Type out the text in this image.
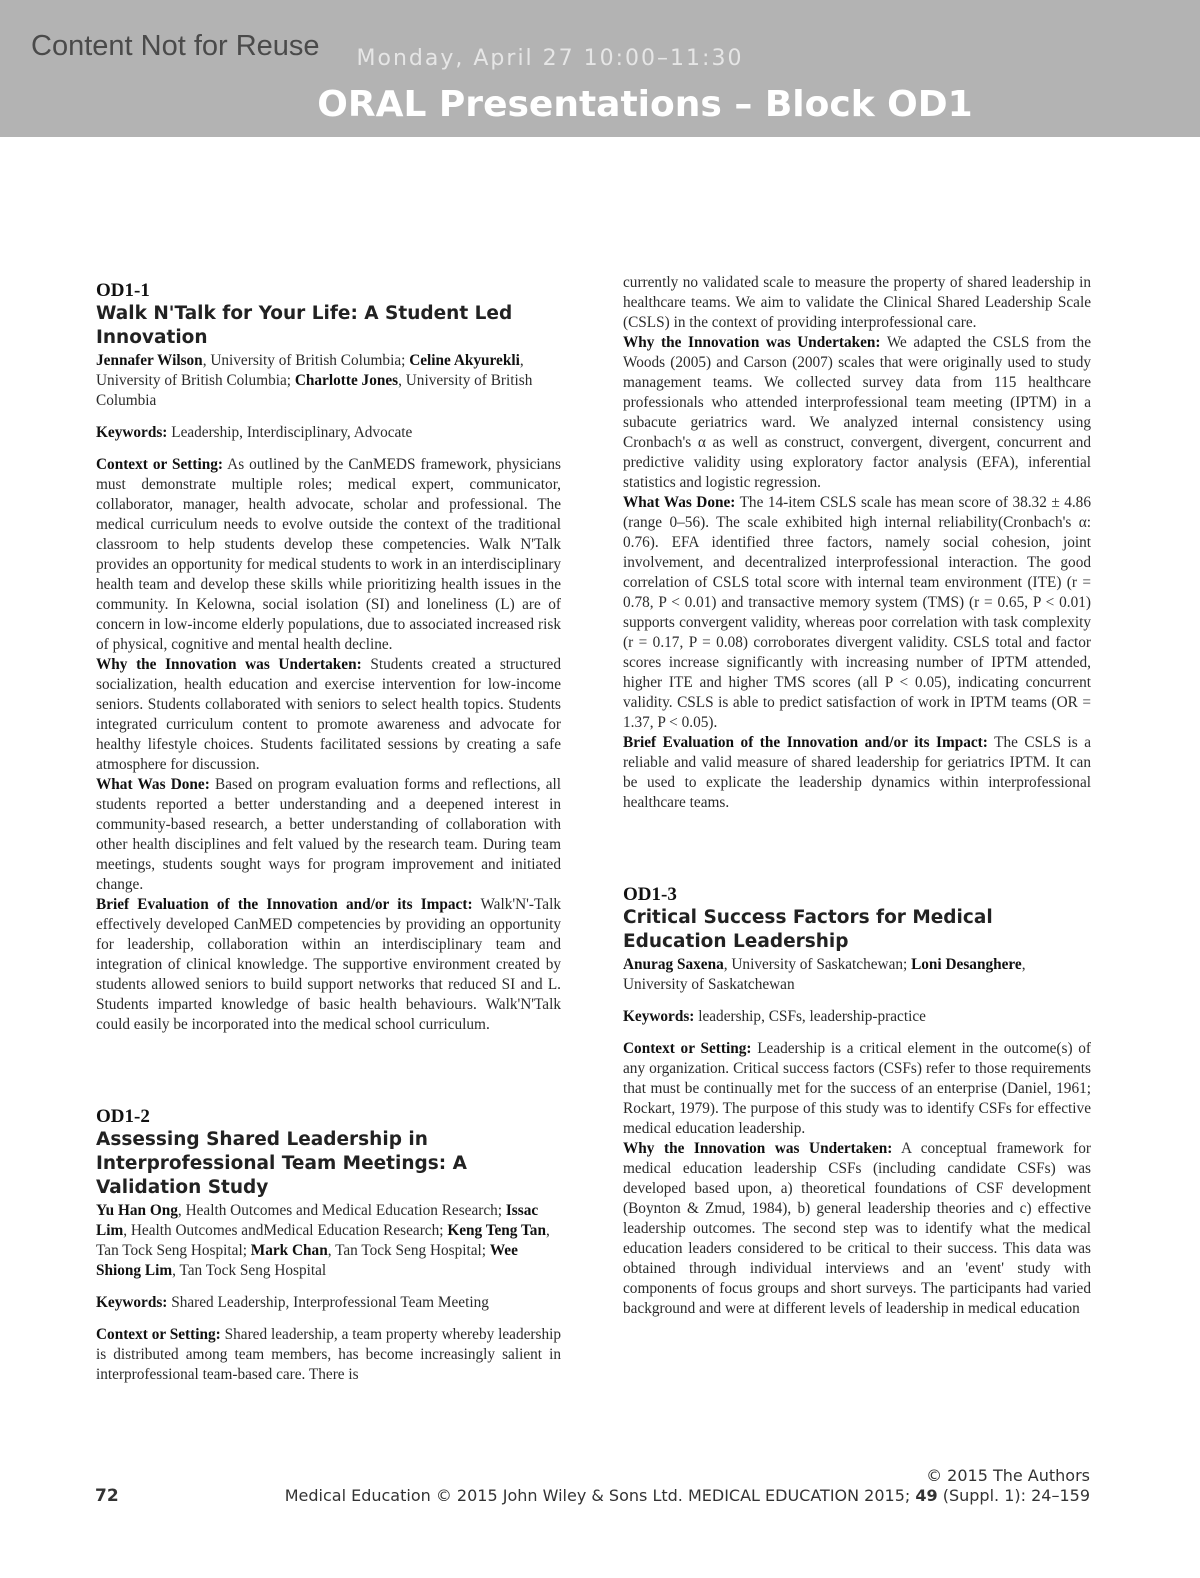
Content Not for Reuse	Monday, April 27 10:00–11:30
ORAL Presentations – Block OD1
OD1-1
Walk N'Talk for Your Life: A Student Led Innovation
Jennafer Wilson, University of British Columbia; Celine Akyurekli, University of British Columbia; Charlotte Jones, University of British Columbia
Keywords: Leadership, Interdisciplinary, Advocate

Context or Setting: As outlined by the CanMEDS framework, physicians must demonstrate multiple roles; medical expert, communicator, collaborator, manager, health advocate, scholar and professional. The medical curriculum needs to evolve outside the context of the traditional classroom to help students develop these competencies. Walk N'Talk provides an opportunity for medical students to work in an interdisciplinary health team and develop these skills while prioritizing health issues in the community. In Kelowna, social isolation (SI) and loneliness (L) are of concern in low-income elderly populations, due to associated increased risk of physical, cognitive and mental health decline.

Why the Innovation was Undertaken: Students created a structured socialization, health education and exercise intervention for low-income seniors. Students collaborated with seniors to select health topics. Students integrated curriculum content to promote awareness and advocate for healthy lifestyle choices. Students facilitated sessions by creating a safe atmosphere for discussion.

What Was Done: Based on program evaluation forms and reflections, all students reported a better understanding and a deepened interest in community-based research, a better understanding of collaboration with other health disciplines and felt valued by the research team. During team meetings, students sought ways for program improvement and initiated change.

Brief Evaluation of the Innovation and/or its Impact: Walk'N'-Talk effectively developed CanMED competencies by providing an opportunity for leadership, collaboration within an interdisciplinary team and integration of clinical knowledge. The supportive environment created by students allowed seniors to build support networks that reduced SI and L. Students imparted knowledge of basic health behaviours. Walk'N'Talk could easily be incorporated into the medical school curriculum.

OD1-2
Assessing Shared Leadership in Interprofessional Team Meetings: A Validation Study
Yu Han Ong, Health Outcomes and Medical Education Research; Issac Lim, Health Outcomes andMedical Education Research; Keng Teng Tan, Tan Tock Seng Hospital; Mark Chan, Tan Tock Seng Hospital; Wee Shiong Lim, Tan Tock Seng Hospital
Keywords: Shared Leadership, Interprofessional Team Meeting

Context or Setting: Shared leadership, a team property whereby leadership is distributed among team members, has become increasingly salient in interprofessional team-based care. There is

currently no validated scale to measure the property of shared leadership in healthcare teams. We aim to validate the Clinical Shared Leadership Scale (CSLS) in the context of providing interprofessional care.

Why the Innovation was Undertaken: We adapted the CSLS from the Woods (2005) and Carson (2007) scales that were originally used to study management teams. We collected survey data from 115 healthcare professionals who attended interprofessional team meeting (IPTM) in a subacute geriatrics ward. We analyzed internal consistency using Cronbach's α as well as construct, convergent, divergent, concurrent and predictive validity using exploratory factor analysis (EFA), inferential statistics and logistic regression.

What Was Done: The 14-item CSLS scale has mean score of 38.32 ± 4.86 (range 0–56). The scale exhibited high internal reliability(Cronbach's α: 0.76). EFA identified three factors, namely social cohesion, joint involvement, and decentralized interprofessional interaction. The good correlation of CSLS total score with internal team environment (ITE) (r = 0.78, P < 0.01) and transactive memory system (TMS) (r = 0.65, P < 0.01) supports convergent validity, whereas poor correlation with task complexity (r = 0.17, P = 0.08) corroborates divergent validity. CSLS total and factor scores increase significantly with increasing number of IPTM attended, higher ITE and higher TMS scores (all P < 0.05), indicating concurrent validity. CSLS is able to predict satisfaction of work in IPTM teams (OR = 1.37, P < 0.05).

Brief Evaluation of the Innovation and/or its Impact: The CSLS is a reliable and valid measure of shared leadership for geriatrics IPTM. It can be used to explicate the leadership dynamics within interprofessional healthcare teams.

OD1-3
Critical Success Factors for Medical Education Leadership
Anurag Saxena, University of Saskatchewan; Loni Desanghere, University of Saskatchewan
Keywords: leadership, CSFs, leadership-practice

Context or Setting: Leadership is a critical element in the outcome(s) of any organization. Critical success factors (CSFs) refer to those requirements that must be continually met for the success of an enterprise (Daniel, 1961; Rockart, 1979). The purpose of this study was to identify CSFs for effective medical education leadership.

Why the Innovation was Undertaken: A conceptual framework for medical education leadership CSFs (including candidate CSFs) was developed based upon, a) theoretical foundations of CSF development (Boynton & Zmud, 1984), b) general leadership theories and c) effective leadership outcomes. The second step was to identify what the medical education leaders considered to be critical to their success. This data was obtained through individual interviews and an 'event' study with components of focus groups and short surveys. The participants had varied background and were at different levels of leadership in medical education

72
© 2015 The Authors
Medical Education © 2015 John Wiley & Sons Ltd. MEDICAL EDUCATION 2015; 49 (Suppl. 1): 24–159
